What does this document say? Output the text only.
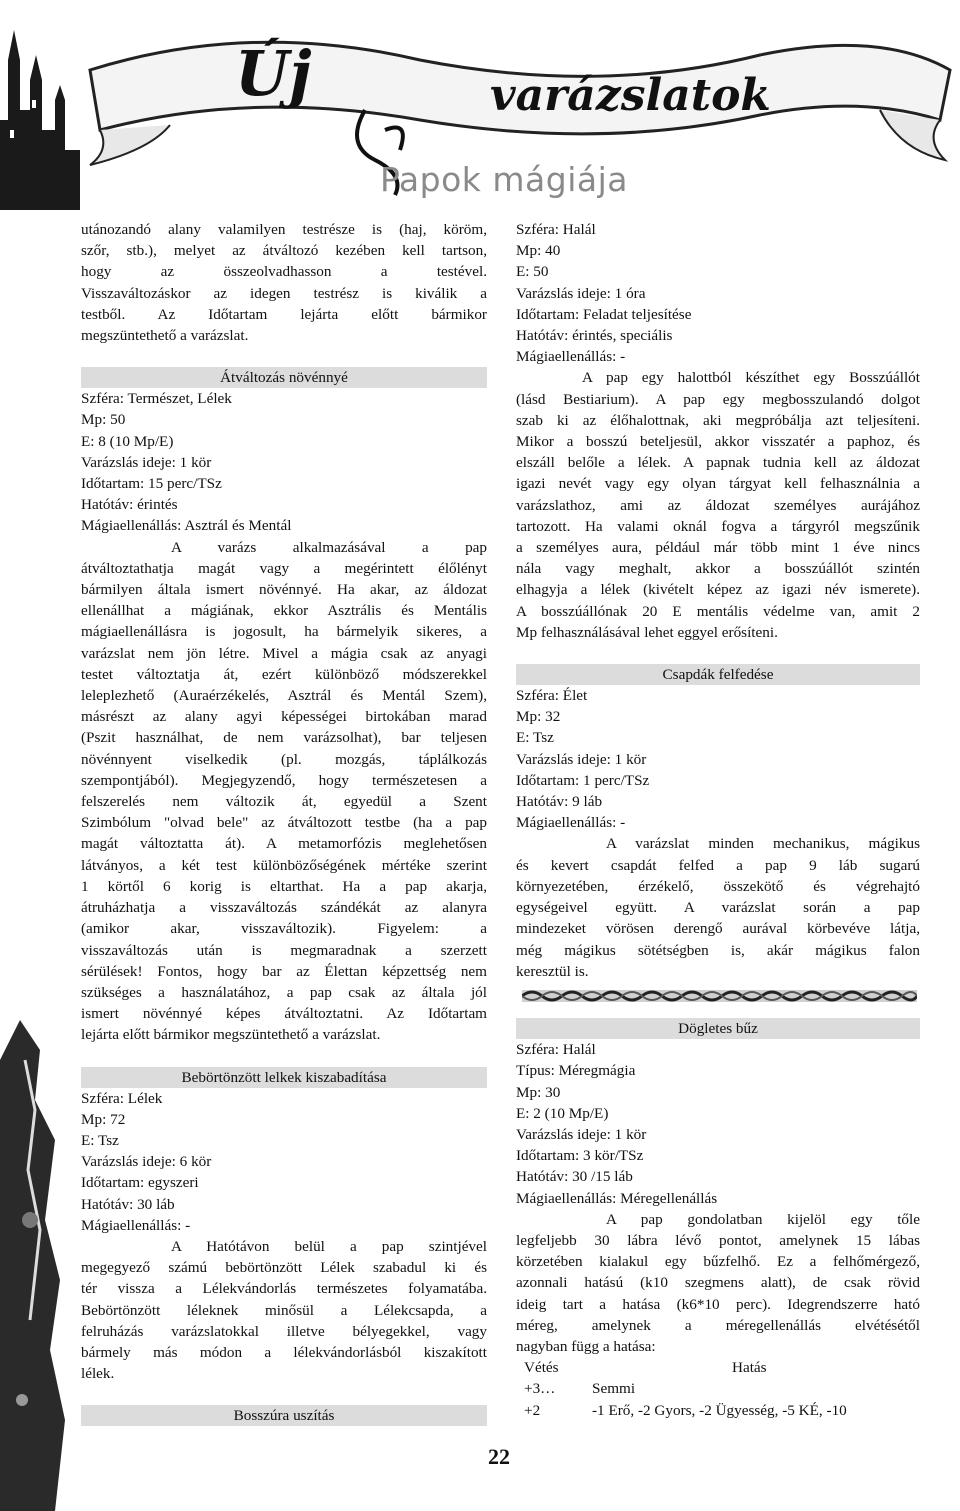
Új	varázslatok
Papok mágiája
utánozandó alany valamilyen testrésze is (haj, köröm,
szőr, stb.), melyet az átváltozó kezében kell tartson,
hogy az összeolvadhasson a testével.
Visszaváltozáskor az idegen testrész is kiválik a
testből. Az Időtartam lejárta előtt bármikor
megszüntethető a varázslat.
Átváltozás növénnyé
Szféra: Természet, Lélek
Mp: 50
E: 8 (10 Mp/E)
Varázslás ideje: 1 kör
Időtartam: 15 perc/TSz
Hatótáv: érintés
Mágiaellenállás: Asztrál és Mentál
A varázs alkalmazásával a pap
átváltoztathatja magát vagy a megérintett élőlényt
bármilyen általa ismert növénnyé. Ha akar, az áldozat
ellenállhat a mágiának, ekkor Asztrális és Mentális
mágiaellenállásra is jogosult, ha bármelyik sikeres, a
varázslat nem jön létre. Mivel a mágia csak az anyagi
testet változtatja át, ezért különböző módszerekkel
leleplezhető (Auraérzékelés, Asztrál és Mentál Szem),
másrészt az alany agyi képességei birtokában marad
(Pszit használhat, de nem varázsolhat), bar teljesen
növénnyent viselkedik (pl. mozgás, táplálkozás
szempontjából). Megjegyzendő, hogy természetesen a
felszerelés nem változik át, egyedül a Szent
Szimbólum "olvad bele" az átváltozott testbe (ha a pap
magát változtatta át). A metamorfózis meglehetősen
látványos, a két test különbözőségének mértéke szerint
1 körtől 6 korig is eltarthat. Ha a pap akarja,
átruházhatja a visszaváltozás szándékát az alanyra
(amikor akar, visszaváltozik). Figyelem: a
visszaváltozás után is megmaradnak a szerzett
sérülések! Fontos, hogy bar az Élettan képzettség nem
szükséges a használatához, a pap csak az általa jól
ismert növénnyé képes átváltoztatni. Az Időtartam
lejárta előtt bármikor megszüntethető a varázslat.
Bebörtönzött lelkek kiszabadítása
Szféra: Lélek
Mp: 72
E: Tsz
Varázslás ideje: 6 kör
Időtartam: egyszeri
Hatótáv: 30 láb
Mágiaellenállás: -
A Hatótávon belül a pap szintjével
megegyező számú bebörtönzött Lélek szabadul ki és
tér vissza a Lélekvándorlás természetes folyamatába.
Bebörtönzött léleknek minősül a Lélekcsapda, a
felruházás varázslatokkal illetve bélyegekkel, vagy
bármely más módon a lélekvándorlásból kiszakított
lélek.
Bosszúra uszítás
Szféra: Halál
Mp: 40
E: 50
Varázslás ideje: 1 óra
Időtartam: Feladat teljesítése
Hatótáv: érintés, speciális
Mágiaellenállás: -
A pap egy halottból készíthet egy Bosszúállót
(lásd Bestiarium). A pap egy megbosszulandó dolgot
szab ki az élőhalottnak, aki megpróbálja azt teljesíteni.
Mikor a bosszú beteljesül, akkor visszatér a paphoz, és
elszáll belőle a lélek. A papnak tudnia kell az áldozat
igazi nevét vagy egy olyan tárgyat kell felhasználnia a
varázslathoz, ami az áldozat személyes aurájához
tartozott. Ha valami oknál fogva a tárgyról megszűnik
a személyes aura, például már több mint 1 éve nincs
nála vagy meghalt, akkor a bosszúállót szintén
elhagyja a lélek (kivételt képez az igazi név ismerete).
A bosszúállónak 20 E mentális védelme van, amit 2
Mp felhasználásával lehet eggyel erősíteni.
Csapdák felfedése
Szféra: Élet
Mp: 32
E: Tsz
Varázslás ideje: 1 kör
Időtartam: 1 perc/TSz
Hatótáv: 9 láb
Mágiaellenállás: -
A varázslat minden mechanikus, mágikus
és kevert csapdát felfed a pap 9 láb sugarú
környezetében, érzékelő, összekötő és végrehajtó
egységeivel együtt. A varázslat során a pap
mindezeket vörösen derengő aurával körbevéve látja,
még mágikus sötétségben is, akár mágikus falon
keresztül is.
Dögletes bűz
Szféra: Halál
Típus: Méregmágia
Mp: 30
E: 2 (10 Mp/E)
Varázslás ideje: 1 kör
Időtartam: 3 kör/TSz
Hatótáv: 30 /15 láb
Mágiaellenállás: Méregellenállás
A pap gondolatban kijelöl egy tőle
legfeljebb 30 lábra lévő pontot, amelynek 15 lábas
körzetében kialakul egy bűzfelhő. Ez a felhőmérgező,
azonnali hatású (k10 szegmens alatt), de csak rövid
ideig tart a hatása (k6*10 perc). Idegrendszerre ható
méreg, amelynek a méregellenállás elvétésétől
nagyban függ a hatása:
Vétés	Hatás
+3…	Semmi
+2	-1 Erő, -2 Gyors, -2 Ügyesség, -5 KÉ, -10
22
